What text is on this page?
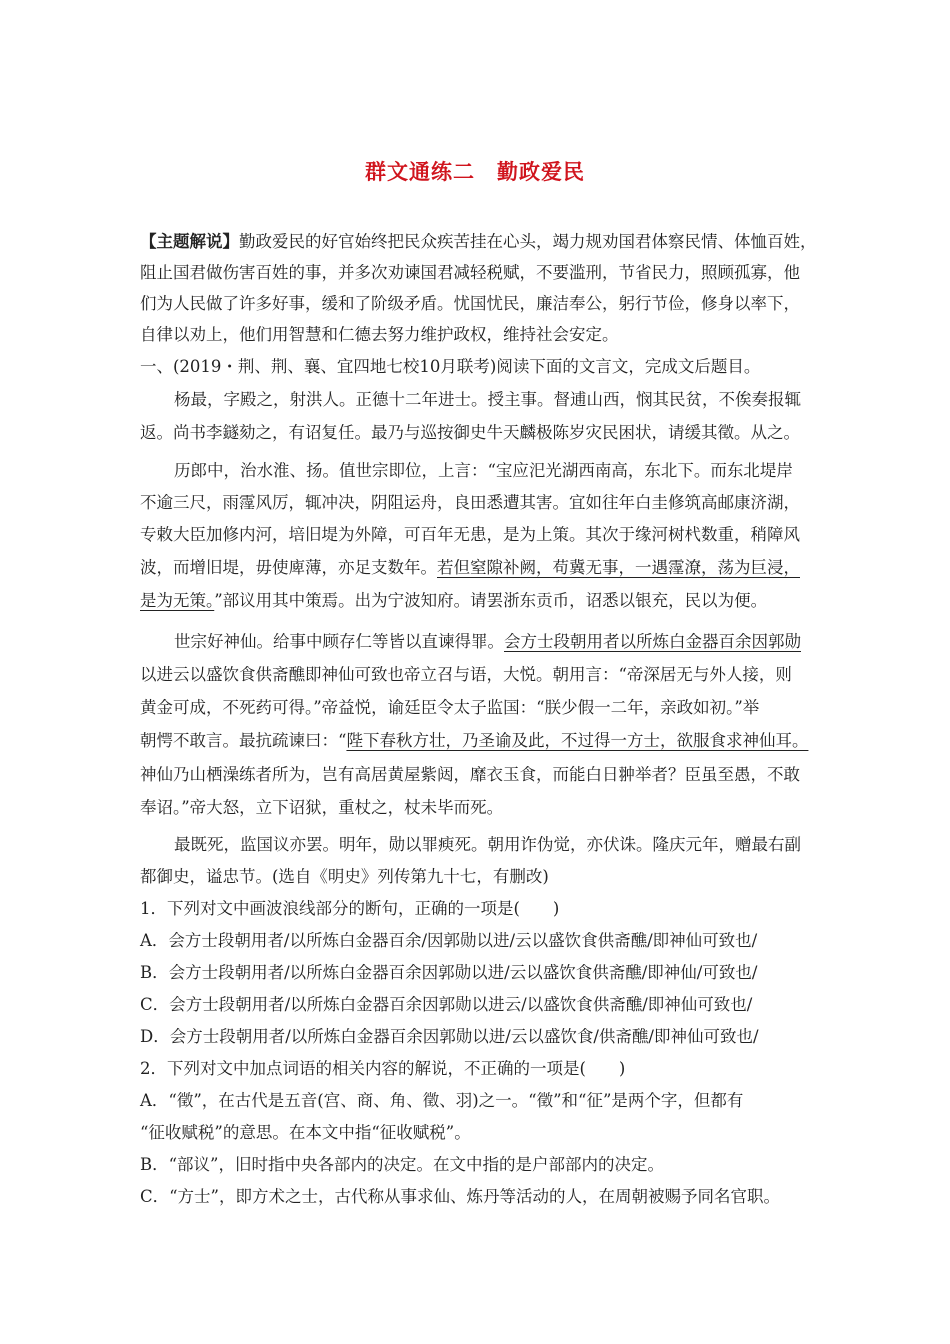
群文通练二　勤政爱民
【主题解说】勤政爱民的好官始终把民众疾苦挂在心头，竭力规劝国君体察民情、体恤百姓，
阻止国君做伤害百姓的事，并多次劝谏国君减轻税赋，不要滥刑，节省民力，照顾孤寡，他
们为人民做了许多好事，缓和了阶级矛盾。忧国忧民，廉洁奉公，躬行节俭，修身以率下，
自律以劝上，他们用智慧和仁德去努力维护政权，维持社会安定。
一、(2019・荆、荆、襄、宜四地七校10月联考)阅读下面的文言文，完成文后题目。
杨最，字殿之，射洪人。正德十二年进士。授主事。督逋山西，悯其民贫，不俟奏报辄
返。尚书李鐩劾之，有诏复任。最乃与巡按御史牛天麟极陈岁灾民困状，请缓其徵。从之。
历郎中，治水淮、扬。值世宗即位，上言：“宝应汜光湖西南高，东北下。而东北堤岸
不逾三尺，雨霪风厉，辄冲决，阴阻运舟，良田悉遭其害。宜如往年白圭修筑高邮康济湖，
专敕大臣加修内河，培旧堤为外障，可百年无患，是为上策。其次于缘河树杙数重，稍障风
波，而增旧堤，毋使庳薄，亦足支数年。若但窒隙补阙，苟冀无事，一遇霪潦，荡为巨浸，
是为无策。”部议用其中策焉。出为宁波知府。请罢浙东贡币，诏悉以银充，民以为便。
世宗好神仙。给事中顾存仁等皆以直谏得罪。会方士段朝用者以所炼白金器百余因郭勋
以进云以盛饮食供斋醮即神仙可致也帝立召与语，大悦。朝用言：“帝深居无与外人接，则
黄金可成，不死药可得。”帝益悦，谕廷臣令太子监国：“朕少假一二年，亲政如初。”举
朝愕不敢言。最抗疏谏曰：“陛下春秋方壮，乃圣谕及此，不过得一方士，欲服食求神仙耳。
神仙乃山栖澡练者所为，岂有高居黄屋紫闼，靡衣玉食，而能白日翀举者？臣虽至愚，不敢
奉诏。”帝大怒，立下诏狱，重杖之，杖未毕而死。
最既死，监国议亦罢。明年，勋以罪瘐死。朝用诈伪觉，亦伏诛。隆庆元年，赠最右副
都御史，谥忠节。(选自《明史》列传第九十七，有删改)
1．下列对文中画波浪线部分的断句，正确的一项是(　　)
A．会方士段朝用者/以所炼白金器百余/因郭勋以进/云以盛饮食供斋醮/即神仙可致也/
B．会方士段朝用者/以所炼白金器百余因郭勋以进/云以盛饮食供斋醮/即神仙/可致也/
C．会方士段朝用者/以所炼白金器百余因郭勋以进云/以盛饮食供斋醮/即神仙可致也/
D．会方士段朝用者/以所炼白金器百余因郭勋以进/云以盛饮食/供斋醮/即神仙可致也/
2．下列对文中加点词语的相关内容的解说，不正确的一项是(　　)
A．“徵”，在古代是五音(宫、商、角、徵、羽)之一。“徵”和“征”是两个字，但都有
“征收赋税”的意思。在本文中指“征收赋税”。
B．“部议”，旧时指中央各部内的决定。在文中指的是户部部内的决定。
C．“方士”，即方术之士，古代称从事求仙、炼丹等活动的人，在周朝被赐予同名官职。
